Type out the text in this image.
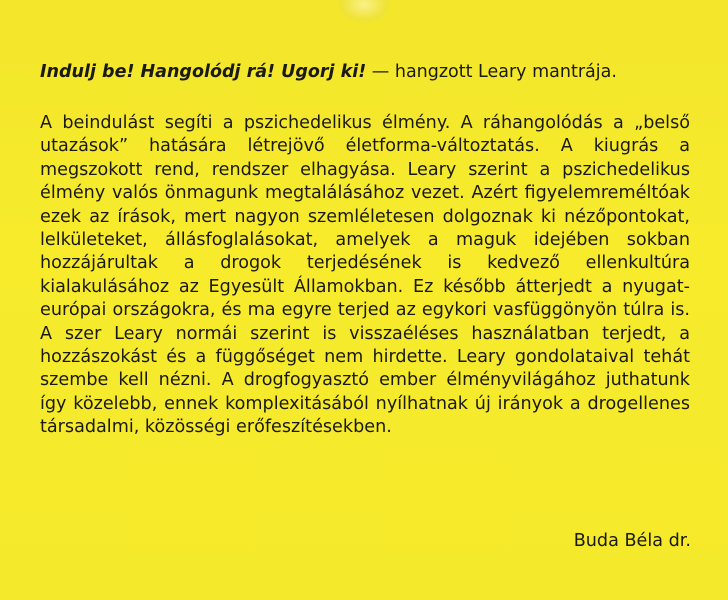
Indulj be! Hangolódj rá! Ugorj ki! — hangzott Leary mantrája.

A beindulást segíti a pszichedelikus élmény. A ráhangolódás a „belső utazások” hatására létrejövő életforma-változtatás. A kiugrás a megszokott rend, rendszer elhagyása. Leary szerint a pszichedelikus élmény valós önmagunk megtalálásához vezet. Azért figyelemreméltóak ezek az írások, mert nagyon szemléletesen dolgoznak ki nézőpontokat, lelkületeket, állásfoglalásokat, amelyek a maguk idejében sokban hozzájárultak a drogok terjedésének is kedvező ellenkultúra kialakulásához az Egyesült Államokban. Ez később átterjedt a nyugat-európai országokra, és ma egyre terjed az egykori vasfüggönyön túlra is. A szer Leary normái szerint is visszaéléses használatban terjedt, a hozzászokást és a függőséget nem hirdette. Leary gondolataival tehát szembe kell nézni. A drogfogyasztó ember élményvilágához juthatunk így közelebb, ennek komplexitásából nyílhatnak új irányok a drogellenes társadalmi, közösségi erőfeszítésekben.

Buda Béla dr.
